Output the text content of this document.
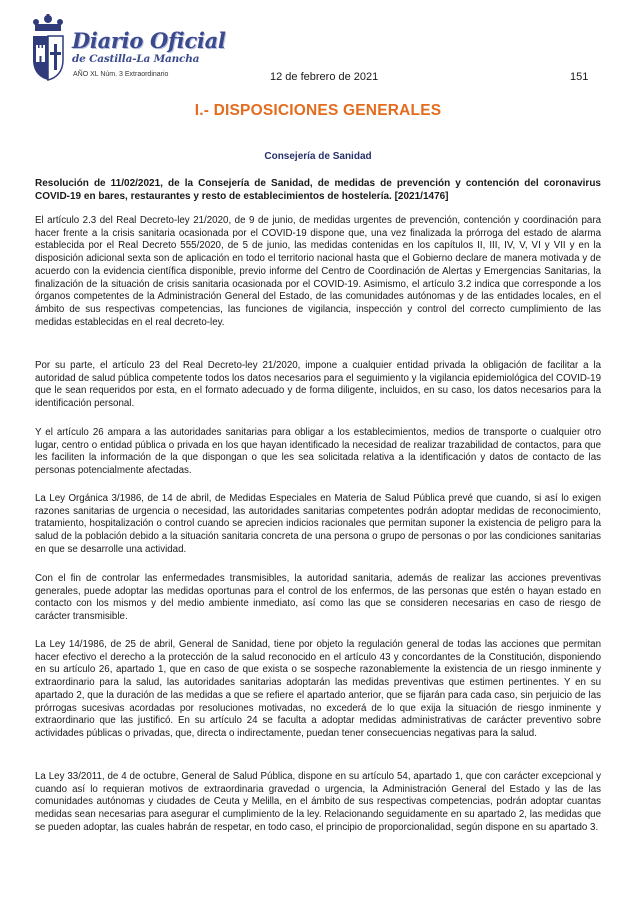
Diario Oficial
de Castilla-La Mancha
AÑO XL Núm. 3 Extraordinario	12 de febrero de 2021	151
I.- DISPOSICIONES GENERALES
Consejería de Sanidad
Resolución de 11/02/2021, de la Consejería de Sanidad, de medidas de prevención y contención del coronavirus COVID-19 en bares, restaurantes y resto de establecimientos de hostelería. [2021/1476]
El artículo 2.3 del Real Decreto-ley 21/2020, de 9 de junio, de medidas urgentes de prevención, contención y coordinación para hacer frente a la crisis sanitaria ocasionada por el COVID-19 dispone que, una vez finalizada la prórroga del estado de alarma establecida por el Real Decreto 555/2020, de 5 de junio, las medidas contenidas en los capítulos II, III, IV, V, VI y VII y en la disposición adicional sexta son de aplicación en todo el territorio nacional hasta que el Gobierno declare de manera motivada y de acuerdo con la evidencia científica disponible, previo informe del Centro de Coordinación de Alertas y Emergencias Sanitarias, la finalización de la situación de crisis sanitaria ocasionada por el COVID-19. Asimismo, el artículo 3.2 indica que corresponde a los órganos competentes de la Administración General del Estado, de las comunidades autónomas y de las entidades locales, en el ámbito de sus respectivas competencias, las funciones de vigilancia, inspección y control del correcto cumplimiento de las medidas establecidas en el real decreto-ley.
Por su parte, el artículo 23 del Real Decreto-ley 21/2020, impone a cualquier entidad privada la obligación de facilitar a la autoridad de salud pública competente todos los datos necesarios para el seguimiento y la vigilancia epidemiológica del COVID-19 que le sean requeridos por esta, en el formato adecuado y de forma diligente, incluidos, en su caso, los datos necesarios para la identificación personal.
Y el artículo 26 ampara a las autoridades sanitarias para obligar a los establecimientos, medios de transporte o cualquier otro lugar, centro o entidad pública o privada en los que hayan identificado la necesidad de realizar trazabilidad de contactos, para que les faciliten la información de la que dispongan o que les sea solicitada relativa a la identificación y datos de contacto de las personas potencialmente afectadas.
La Ley Orgánica 3/1986, de 14 de abril, de Medidas Especiales en Materia de Salud Pública prevé que cuando, si así lo exigen razones sanitarias de urgencia o necesidad, las autoridades sanitarias competentes podrán adoptar medidas de reconocimiento, tratamiento, hospitalización o control cuando se aprecien indicios racionales que permitan suponer la existencia de peligro para la salud de la población debido a la situación sanitaria concreta de una persona o grupo de personas o por las condiciones sanitarias en que se desarrolle una actividad.
Con el fin de controlar las enfermedades transmisibles, la autoridad sanitaria, además de realizar las acciones preventivas generales, puede adoptar las medidas oportunas para el control de los enfermos, de las personas que estén o hayan estado en contacto con los mismos y del medio ambiente inmediato, así como las que se consideren necesarias en caso de riesgo de carácter transmisible.
La Ley 14/1986, de 25 de abril, General de Sanidad, tiene por objeto la regulación general de todas las acciones que permitan hacer efectivo el derecho a la protección de la salud reconocido en el artículo 43 y concordantes de la Constitución, disponiendo en su artículo 26, apartado 1, que en caso de que exista o se sospeche razonablemente la existencia de un riesgo inminente y extraordinario para la salud, las autoridades sanitarias adoptarán las medidas preventivas que estimen pertinentes. Y en su apartado 2, que la duración de las medidas a que se refiere el apartado anterior, que se fijarán para cada caso, sin perjuicio de las prórrogas sucesivas acordadas por resoluciones motivadas, no excederá de lo que exija la situación de riesgo inminente y extraordinario que las justificó. En su artículo 24 se faculta a adoptar medidas administrativas de carácter preventivo sobre actividades públicas o privadas, que, directa o indirectamente, puedan tener consecuencias negativas para la salud.
La Ley 33/2011, de 4 de octubre, General de Salud Pública, dispone en su artículo 54, apartado 1, que con carácter excepcional y cuando así lo requieran motivos de extraordinaria gravedad o urgencia, la Administración General del Estado y las de las comunidades autónomas y ciudades de Ceuta y Melilla, en el ámbito de sus respectivas competencias, podrán adoptar cuantas medidas sean necesarias para asegurar el cumplimiento de la ley. Relacionando seguidamente en su apartado 2, las medidas que se pueden adoptar, las cuales habrán de respetar, en todo caso, el principio de proporcionalidad, según dispone en su apartado 3.
